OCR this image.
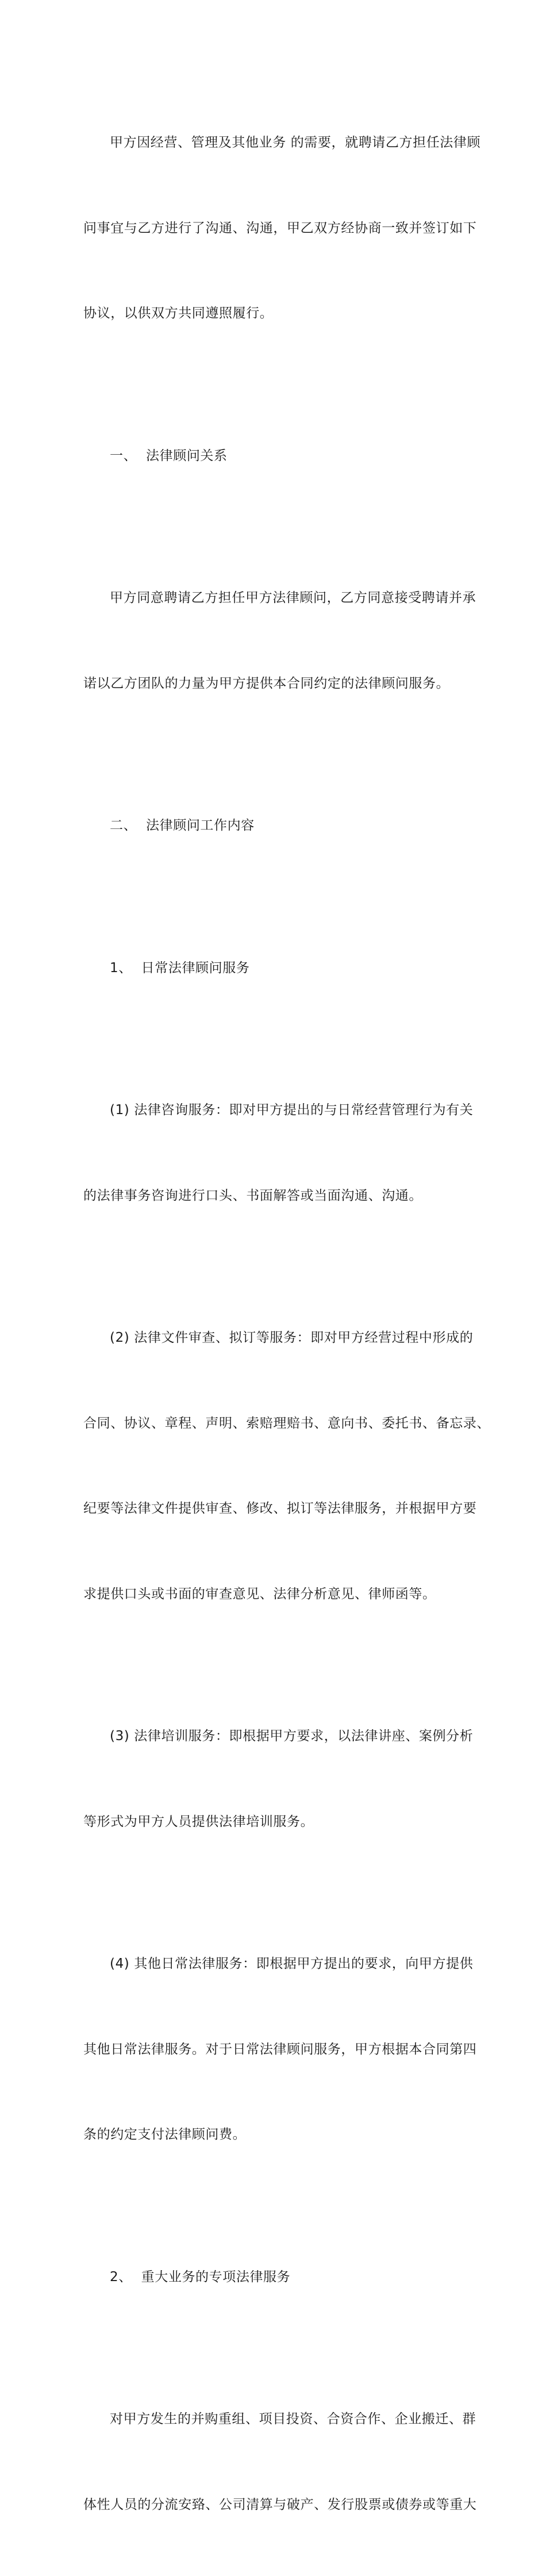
甲方因经营、管理及其他业务 的需要，就聘请乙方担任法律顾

问事宜与乙方进行了沟通、沟通，甲乙双方经协商一致并签订如下

协议，以供双方共同遵照履行。

一、  法律顾问关系

甲方同意聘请乙方担任甲方法律顾问，乙方同意接受聘请并承

诺以乙方团队的力量为甲方提供本合同约定的法律顾问服务。

二、  法律顾问工作内容

1、  日常法律顾问服务

(1) 法律咨询服务：即对甲方提出的与日常经营管理行为有关

的法律事务咨询进行口头、书面解答或当面沟通、沟通。

(2) 法律文件审查、拟订等服务：即对甲方经营过程中形成的

合同、协议、章程、声明、索赔理赔书、意向书、委托书、备忘录、

纪要等法律文件提供审查、修改、拟订等法律服务，并根据甲方要

求提供口头或书面的审查意见、法律分析意见、律师函等。

(3) 法律培训服务：即根据甲方要求，以法律讲座、案例分析

等形式为甲方人员提供法律培训服务。

(4) 其他日常法律服务：即根据甲方提出的要求，向甲方提供

其他日常法律服务。对于日常法律顾问服务，甲方根据本合同第四

条的约定支付法律顾问费。

2、  重大业务的专项法律服务

对甲方发生的并购重组、项目投资、合资合作、企业搬迁、群

体性人员的分流安臵、公司清算与破产、发行股票或债券或等重大
